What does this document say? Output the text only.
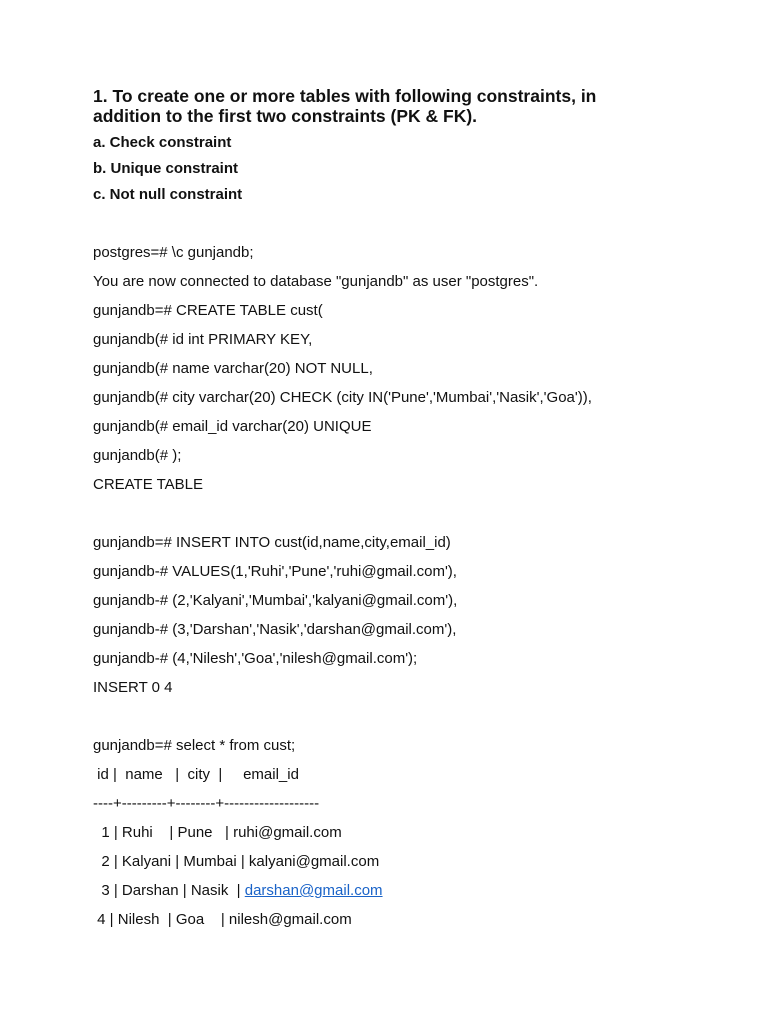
1. To create one or more tables with following constraints, in
addition to the first two constraints (PK & FK).
a. Check constraint
b. Unique constraint
c. Not null constraint
postgres=# \c gunjandb;
You are now connected to database "gunjandb" as user "postgres".
gunjandb=# CREATE TABLE cust(
gunjandb(# id int PRIMARY KEY,
gunjandb(# name varchar(20) NOT NULL,
gunjandb(# city varchar(20) CHECK (city IN('Pune','Mumbai','Nasik','Goa')),
gunjandb(# email_id varchar(20) UNIQUE
gunjandb(# );
CREATE TABLE
gunjandb=# INSERT INTO cust(id,name,city,email_id)
gunjandb-# VALUES(1,'Ruhi','Pune','ruhi@gmail.com'),
gunjandb-# (2,'Kalyani','Mumbai','kalyani@gmail.com'),
gunjandb-# (3,'Darshan','Nasik','darshan@gmail.com'),
gunjandb-# (4,'Nilesh','Goa','nilesh@gmail.com');
INSERT 0 4
gunjandb=# select * from cust;
id |  name   |  city  |     email_id
----+---------+--------+-------------------
1 | Ruhi    | Pune   | ruhi@gmail.com
2 | Kalyani | Mumbai | kalyani@gmail.com
3 | Darshan | Nasik  | darshan@gmail.com
4 | Nilesh  | Goa    | nilesh@gmail.com
